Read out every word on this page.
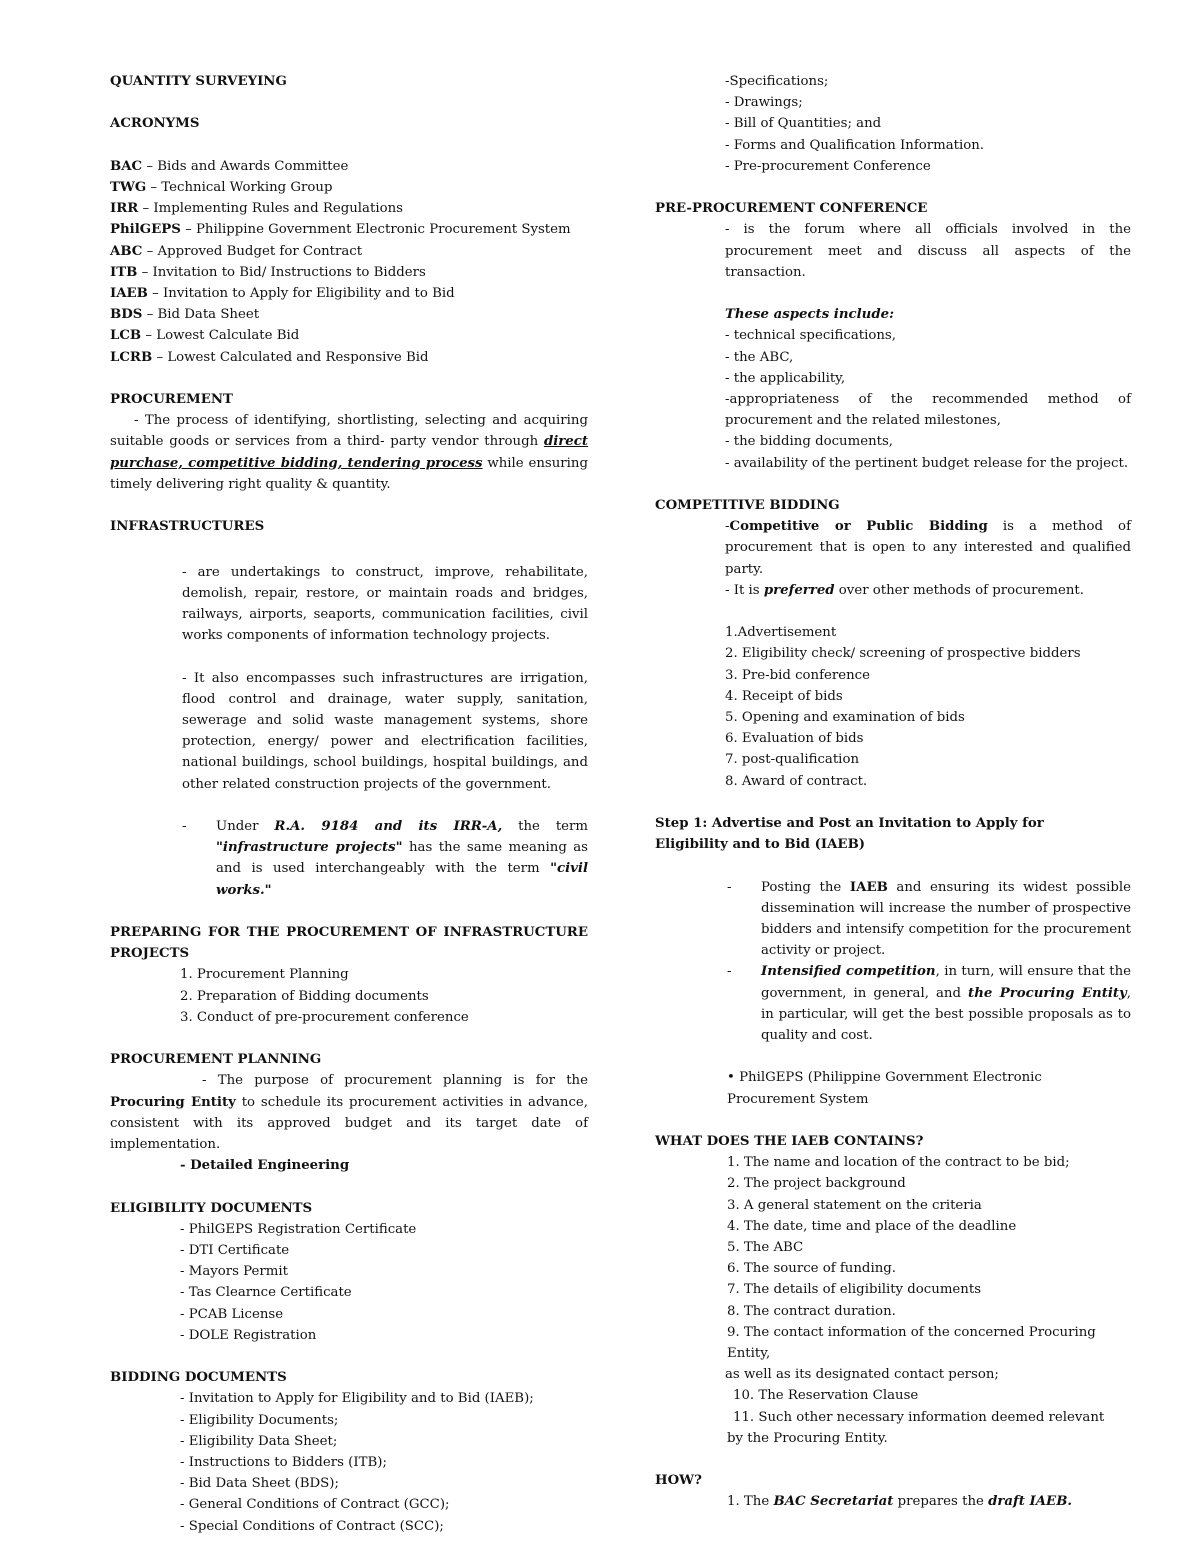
QUANTITY SURVEYING

ACRONYMS

BAC – Bids and Awards Committee

TWG – Technical Working Group

IRR – Implementing Rules and Regulations

PhilGEPS – Philippine Government Electronic Procurement System

ABC – Approved Budget for Contract

ITB – Invitation to Bid/ Instructions to Bidders

IAEB – Invitation to Apply for Eligibility and to Bid

BDS – Bid Data Sheet

LCB – Lowest Calculate Bid

LCRB – Lowest Calculated and Responsive Bid

PROCUREMENT

- The process of identifying, shortlisting, selecting and acquiring suitable goods or services from a third- party vendor through direct purchase, competitive bidding, tendering process while ensuring timely delivering right quality & quantity.

INFRASTRUCTURES

- are undertakings to construct, improve, rehabilitate, demolish, repair, restore, or maintain roads and bridges, railways, airports, seaports, communication facilities, civil works components of information technology projects.

- It also encompasses such infrastructures are irrigation, flood control and drainage, water supply, sanitation, sewerage and solid waste management systems, shore protection, energy/ power and electrification facilities, national buildings, school buildings, hospital buildings, and other related construction projects of the government.

-	Under R.A. 9184 and its IRR-A, the term "infrastructure projects" has the same meaning as and is used interchangeably with the term "civil works."

PREPARING FOR THE PROCUREMENT OF INFRASTRUCTURE PROJECTS

1. Procurement Planning

2. Preparation of Bidding documents

3. Conduct of pre-procurement conference

PROCUREMENT PLANNING

- The purpose of procurement planning is for the Procuring Entity to schedule its procurement activities in advance, consistent with its approved budget and its target date of implementation.

- Detailed Engineering

ELIGIBILITY DOCUMENTS

- PhilGEPS Registration Certificate

- DTI Certificate

- Mayors Permit

- Tas Clearnce Certificate

- PCAB License

- DOLE Registration

BIDDING DOCUMENTS

- Invitation to Apply for Eligibility and to Bid (IAEB);

- Eligibility Documents;

- Eligibility Data Sheet;

- Instructions to Bidders (ITB);

- Bid Data Sheet (BDS);

- General Conditions of Contract (GCC);

- Special Conditions of Contract (SCC);

-Specifications;

- Drawings;

- Bill of Quantities; and

- Forms and Qualification Information.

- Pre-procurement Conference

PRE-PROCUREMENT CONFERENCE

- is the forum where all officials involved in the procurement meet and discuss all aspects of the transaction.

These aspects include:

- technical specifications,

- the ABC,

- the applicability,

-appropriateness of the recommended method of procurement and the related milestones,

- the bidding documents,

- availability of the pertinent budget release for the project.

COMPETITIVE BIDDING

-Competitive or Public Bidding is a method of procurement that is open to any interested and qualified party.

- It is preferred over other methods of procurement.

1.Advertisement

2. Eligibility check/ screening of prospective bidders

3. Pre-bid conference

4. Receipt of bids

5. Opening and examination of bids

6. Evaluation of bids

7. post-qualification

8. Award of contract.

Step 1: Advertise and Post an Invitation to Apply for

Eligibility and to Bid (IAEB)

-	Posting the IAEB and ensuring its widest possible dissemination will increase the number of prospective bidders and intensify competition for the procurement activity or project.
-	Intensified competition, in turn, will ensure that the government, in general, and the Procuring Entity, in particular, will get the best possible proposals as to quality and cost.

• PhilGEPS (Philippine Government Electronic Procurement System

WHAT DOES THE IAEB CONTAINS?

1. The name and location of the contract to be bid;

2. The project background

3. A general statement on the criteria

4. The date, time and place of the deadline

5. The ABC

6. The source of funding.

7. The details of eligibility documents

8. The contract duration.

9. The contact information of the concerned Procuring Entity,

as well as its designated contact person;

10. The Reservation Clause

11. Such other necessary information deemed relevant

by the Procuring Entity.

HOW?

1. The BAC Secretariat prepares the draft IAEB.
